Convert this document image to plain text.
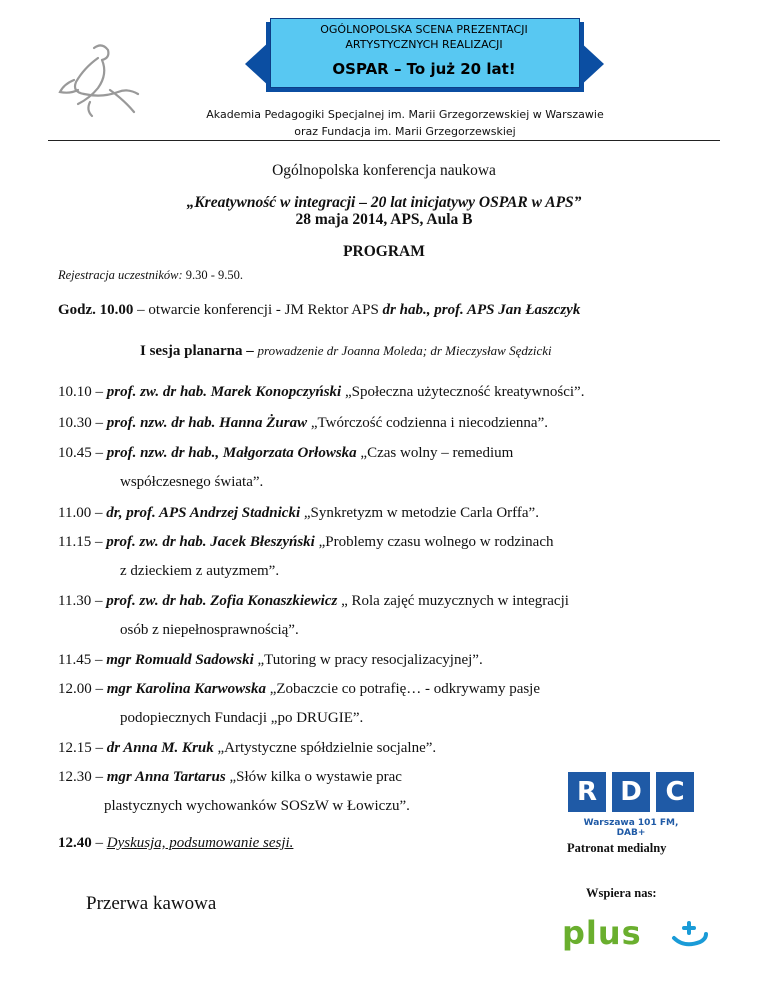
OGÓLNOPOLSKA SCENA PREZENTACJI
ARTYSTYCZNYCH REALIZACJI
OSPAR – To już 20 lat!
Akademia Pedagogiki Specjalnej im. Marii Grzegorzewskiej w Warszawie
oraz Fundacja im. Marii Grzegorzewskiej

Ogólnopolska konferencja naukowa

„Kreatywność w integracji – 20 lat inicjatywy OSPAR w APS”

28 maja 2014, APS, Aula B

PROGRAM

Rejestracja uczestników: 9.30 - 9.50.

Godz. 10.00 – otwarcie konferencji - JM Rektor APS dr hab., prof. APS Jan Łaszczyk

I sesja planarna – prowadzenie dr Joanna Moleda; dr Mieczysław Sędzicki

10.10 – prof. zw. dr hab. Marek Konopczyński „Społeczna użyteczność kreatywności”.

10.30 – prof. nzw. dr hab. Hanna Żuraw „Twórczość codzienna i niecodzienna”.

10.45 – prof. nzw. dr hab., Małgorzata Orłowska „Czas wolny – remedium

współczesnego świata”.

11.00 – dr, prof. APS Andrzej Stadnicki „Synkretyzm w metodzie Carla Orffa”.

11.15 – prof. zw. dr hab. Jacek Błeszyński „Problemy czasu wolnego w rodzinach

z dzieckiem z autyzmem”.

11.30 – prof. zw. dr hab. Zofia Konaszkiewicz „ Rola zajęć muzycznych w integracji

osób z niepełnosprawnością”.

11.45 – mgr Romuald Sadowski „Tutoring w pracy resocjalizacyjnej”.

12.00 – mgr Karolina Karwowska „Zobaczcie co potrafię… - odkrywamy pasje

podopiecznych Fundacji „po DRUGIE”.

12.15 – dr Anna M. Kruk „Artystyczne spółdzielnie socjalne”.

12.30 – mgr Anna Tartarus „Słów kilka o wystawie prac

plastycznych wychowanków SOSzW w Łowiczu”.

12.40 – Dyskusja, podsumowanie sesji.

Przerwa kawowa

R D C
Warszawa 101 FM, DAB+

Patronat medialny

Wspiera nas:

plus
